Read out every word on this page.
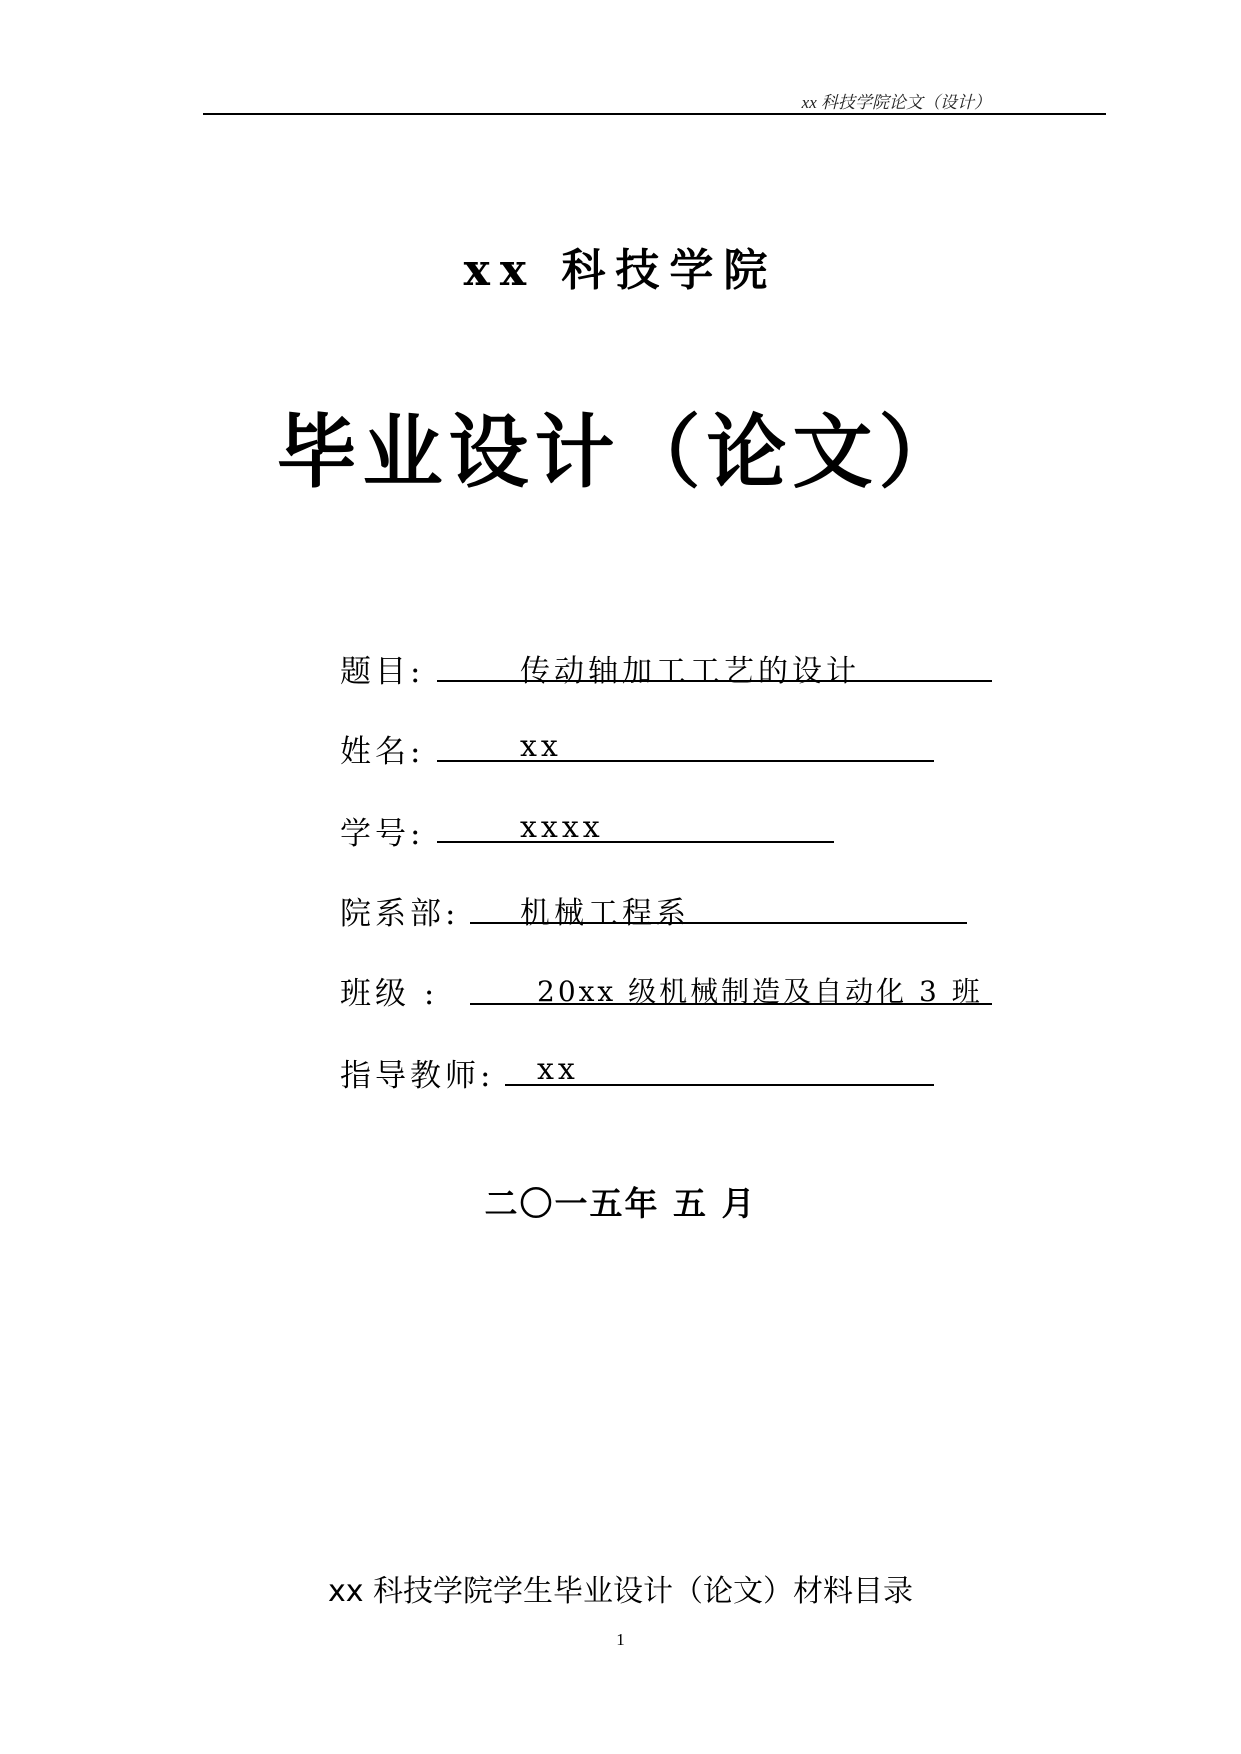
xx 科技学院论文（设计）
xx 科技学院
毕业设计（论文）
题目:	传动轴加工工艺的设计
姓名:	xx
学号:	xxxx
院系部: 机械工程系
班级 :	20xx 级机械制造及自动化 3 班
指导教师: xx
二〇一五年 五 月
xx 科技学院学生毕业设计（论文）材料目录
1
